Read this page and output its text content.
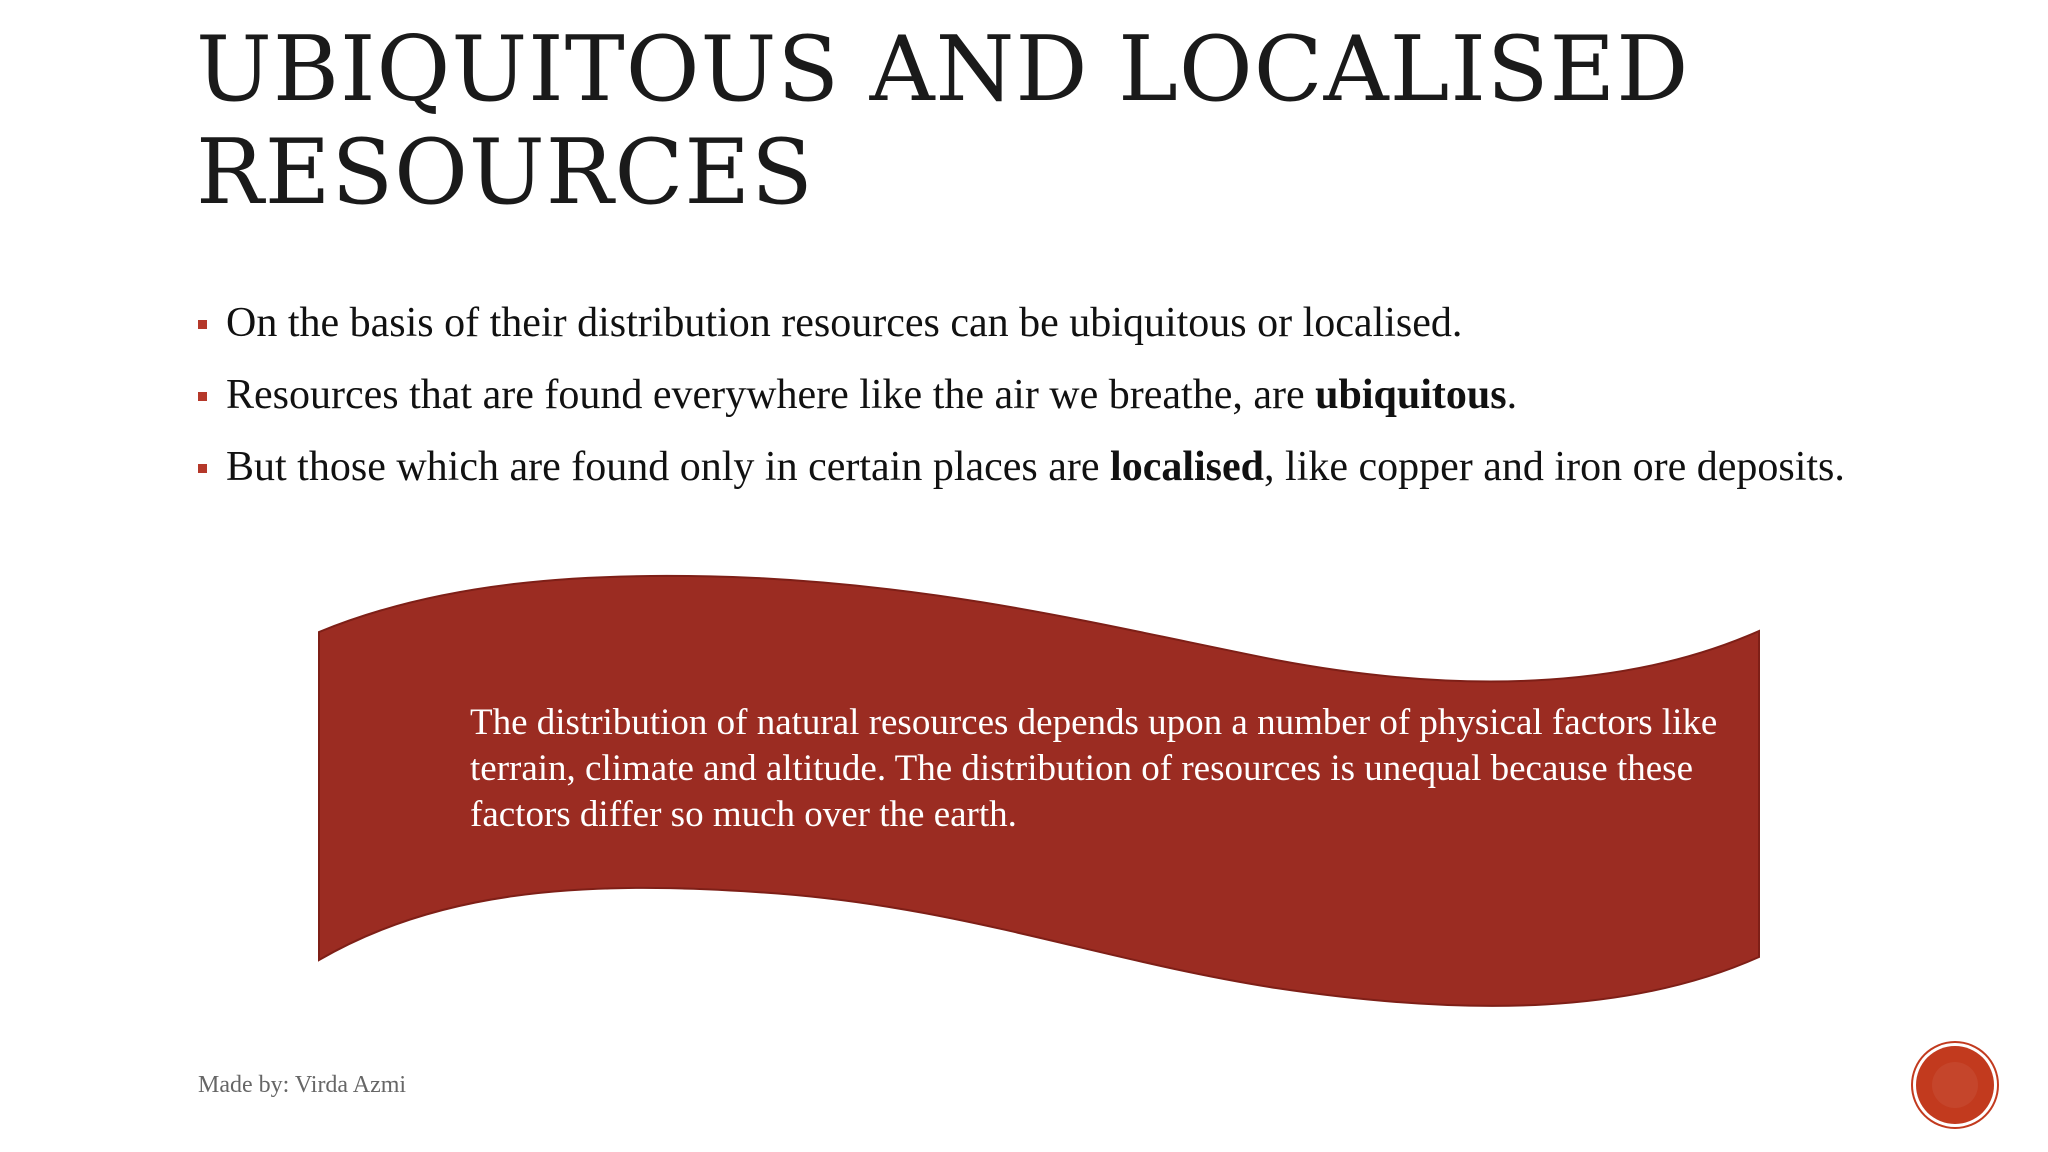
UBIQUITOUS AND LOCALISED
RESOURCES
On the basis of their distribution resources can be ubiquitous or localised.
Resources that are found everywhere like the air we breathe, are ubiquitous.
But those which are found only in certain places are localised, like copper and iron ore deposits.

The distribution of natural resources depends upon a number of physical factors like terrain, climate and altitude. The distribution of resources is unequal because these factors differ so much over the earth.

Made by: Virda Azmi
